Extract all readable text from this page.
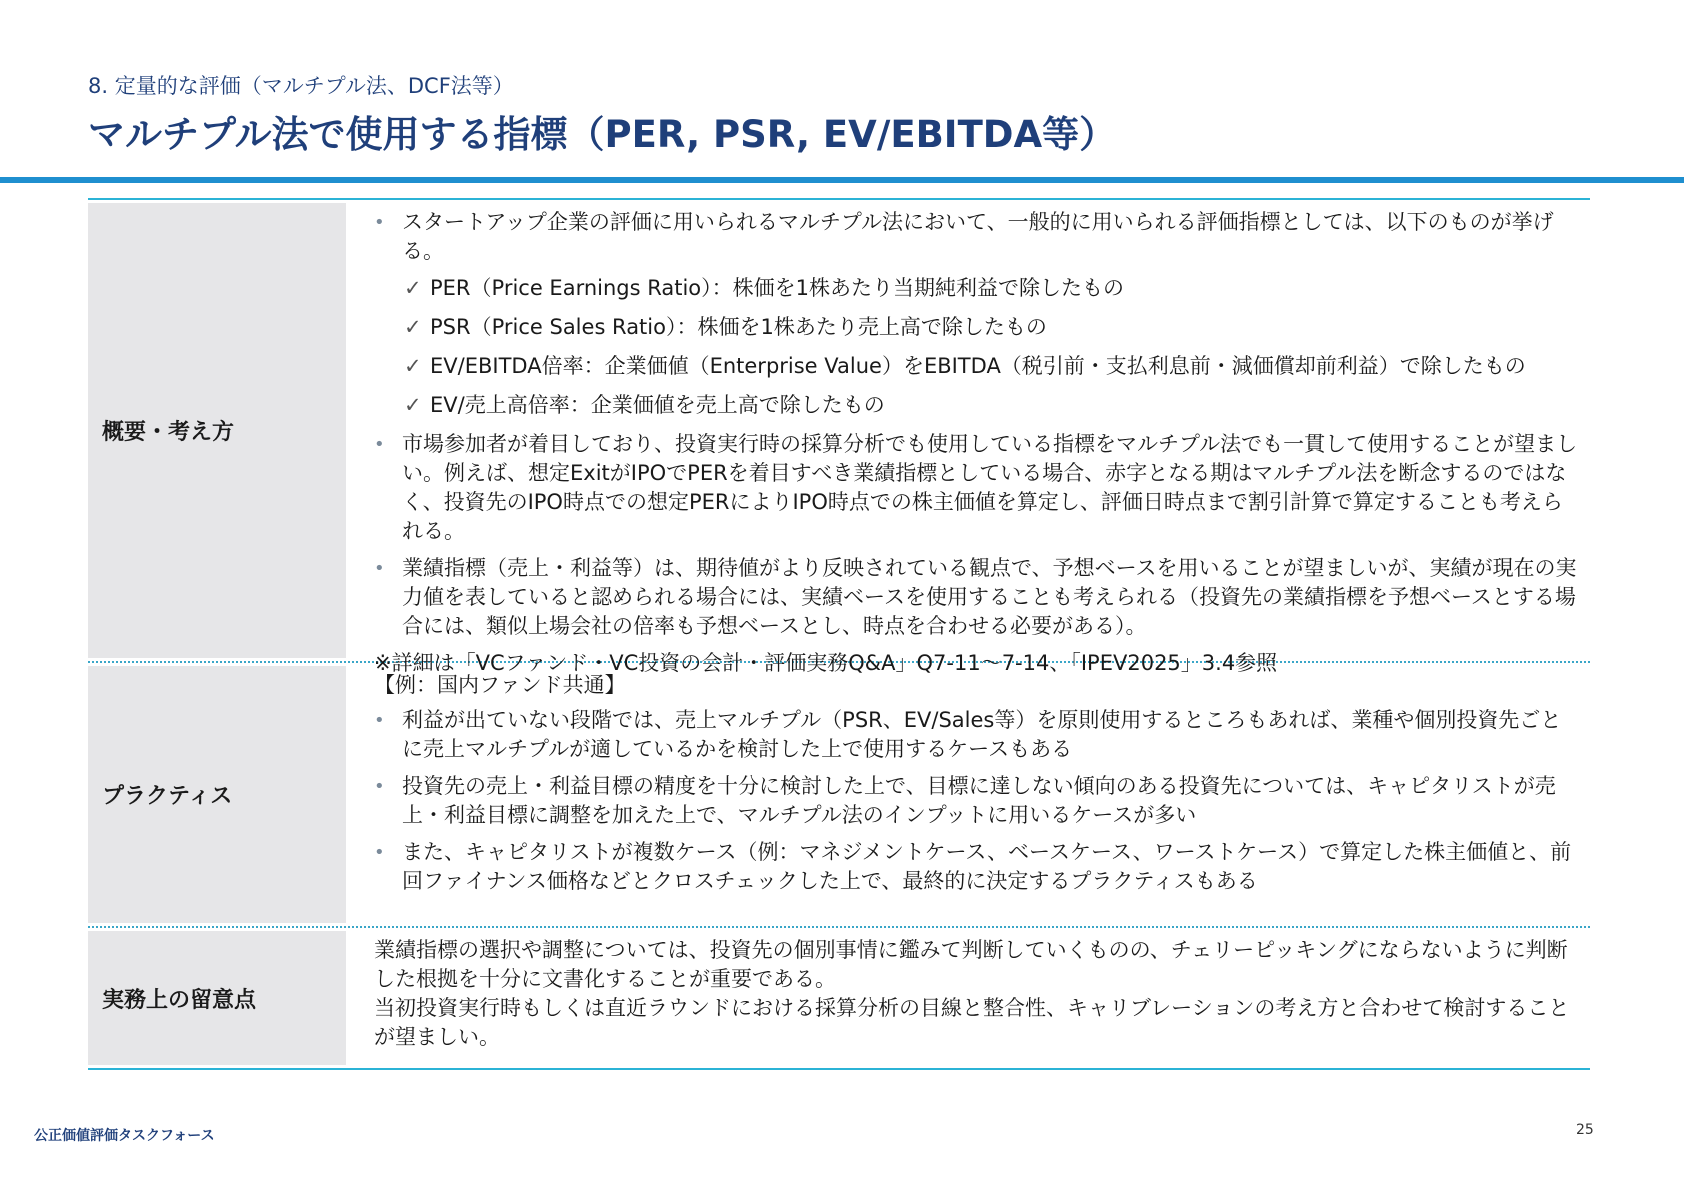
8. 定量的な評価（マルチプル法、DCF法等）
マルチプル法で使用する指標（PER, PSR, EV/EBITDA等）
概要・考え方
• スタートアップ企業の評価に用いられるマルチプル法において、一般的に用いられる評価指標としては、以下のものが挙げる。
✓ PER（Price Earnings Ratio）：株価を1株あたり当期純利益で除したもの
✓ PSR（Price Sales Ratio）：株価を1株あたり売上高で除したもの
✓ EV/EBITDA倍率：企業価値（Enterprise Value）をEBITDA（税引前・支払利息前・減価償却前利益）で除したもの
✓ EV/売上高倍率：企業価値を売上高で除したもの
• 市場参加者が着目しており、投資実行時の採算分析でも使用している指標をマルチプル法でも一貫して使用することが望ましい。例えば、想定ExitがIPOでPERを着目すべき業績指標としている場合、赤字となる期はマルチプル法を断念するのではなく、投資先のIPO時点での想定PERによりIPO時点での株主価値を算定し、評価日時点まで割引計算で算定することも考えられる。
• 業績指標（売上・利益等）は、期待値がより反映されている観点で、予想ベースを用いることが望ましいが、実績が現在の実力値を表していると認められる場合には、実績ベースを使用することも考えられる（投資先の業績指標を予想ベースとする場合には、類似上場会社の倍率も予想ベースとし、時点を合わせる必要がある）。

※詳細は「VCファンド・VC投資の会計・評価実務Q&A」Q7-11〜7-14、「IPEV2025」3.4参照

プラクティス

【例：国内ファンド共通】

• 利益が出ていない段階では、売上マルチプル（PSR、EV/Sales等）を原則使用するところもあれば、業種や個別投資先ごとに売上マルチプルが適しているかを検討した上で使用するケースもある
• 投資先の売上・利益目標の精度を十分に検討した上で、目標に達しない傾向のある投資先については、キャピタリストが売上・利益目標に調整を加えた上で、マルチプル法のインプットに用いるケースが多い
• また、キャピタリストが複数ケース（例：マネジメントケース、ベースケース、ワーストケース）で算定した株主価値と、前回ファイナンス価格などとクロスチェックした上で、最終的に決定するプラクティスもある
実務上の留意点

業績指標の選択や調整については、投資先の個別事情に鑑みて判断していくものの、チェリーピッキングにならないように判断した根拠を十分に文書化することが重要である。

当初投資実行時もしくは直近ラウンドにおける採算分析の目線と整合性、キャリブレーションの考え方と合わせて検討することが望ましい。

公正価値評価タスクフォース	25
